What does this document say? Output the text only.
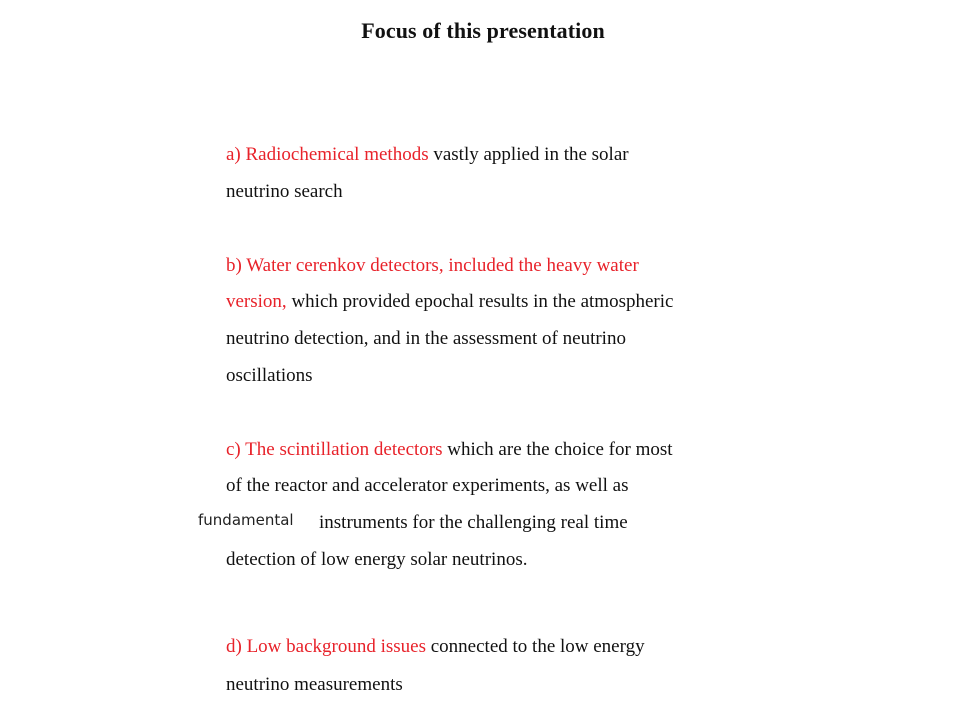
Focus of this presentation
a) Radiochemical methods vastly applied in the solar
neutrino search
b) Water cerenkov detectors, included the heavy water
version, which provided epochal results in the atmospheric
neutrino detection, and in the assessment of neutrino
oscillations
c) The scintillation detectors which are the choice for most
of the reactor and accelerator experiments, as well as
fundamental instruments for the challenging real time
detection of low energy solar neutrinos.
d) Low background issues connected to the low energy
neutrino measurements
